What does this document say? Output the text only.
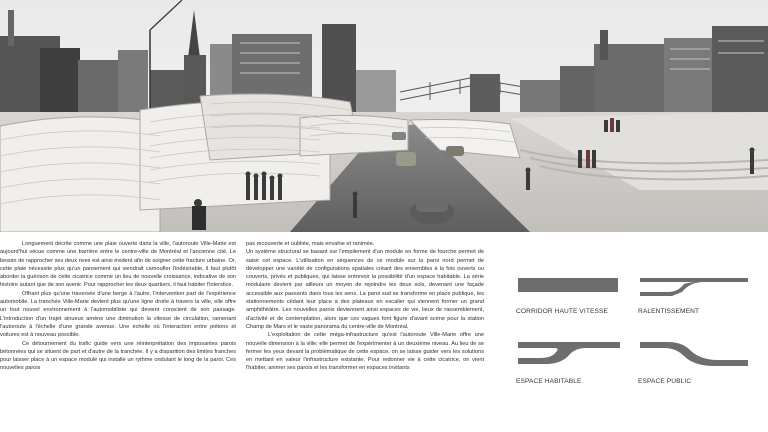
Longuement décrite comme une plaie ouverte dans la ville, l'autoroute Ville-Marie est aujourd'hui vécue comme une barrière entre le centre-ville de Montréal et l'ancienne cité. Le besoin de rapprocher ses deux rives est ainsi évident afin de soigner cette fracture urbaine. Or, cette plaie nécessite plus qu'un pansement qui viendrait camoufler l'indésirable, il faut plutôt aborder la guérison de cette cicatrice comme un lieu de nouvelle croissance, indicative de son histoire autant que de son avenir. Pour rapprocher les deux quartiers, il faut habiter l'interstice.

Offrant plus qu'une traversée d'une berge à l'autre, l'intervention part de l'expérience automobile. La tranchée Ville-Marie devient plus qu'une ligne droite à travers la ville, elle offre un tout nouvel environnement à l'automobiliste qui devient conscient de son passage. L'introduction d'un trajet sinueux amène une diminution la vitesse de circulation, ramenant l'autoroute à l'échelle d'une grande avenue. Une échelle où l'interaction entre piétons et voitures est à nouveau possible.

Ce détournement du trafic guide vers une réinterprétation des imposantes parois bétonnées qui se situent de part et d'autre de la tranchée. Il y a disparition des limites franches pour laisser place à un espace modulé qui installe un rythme ondulant le long de la paroi. Ces nouvelles parois

pas recouverte et oubliée, mais envahie et ranimée.

Un système structural se basant sur l'empilement d'un module en forme de fourche permet de saisir cet espace. L'utilisation en séquences de ce module sur la paroi nord permet de développer une variété de configurations spatiales créant des ensembles à la fois ouverts ou couverts, privés et publiques, qui laisse entrevoir la possibilité d'un espace habitable. La série modulaire devient par ailleurs un moyen de rejoindre les deux sols, devenant une façade accessible aux passants dans tous les sens. La paroi sud se transforme en place publique, les stationnements cédant leur place à des plateaux en escalier qui viennent former un grand amphithéâtre. Les nouvelles parois deviennent ainsi espaces de vie, lieux de rassemblement, d'activité et de contemplation, alors que ces vagues font figure d'avant scène pour la station Champ de Mars et le vaste panorama du centre-ville de Montréal.

L'exploitation de cette méga-infrastructure qu'est l'autoroute Ville-Marie offre une nouvelle dimension à la ville; elle permet de l'expérimenter à un deuxième niveau. Au lieu de se fermer les yeux devant la problématique de cette espace, on se laisse guider vers les solutions en mettant en valeur l'infrastructure existante. Pour redonner vie à cette cicatrice, on vient l'habiter, animer ses parois et les transformer en espaces invitants

CORRIDOR HAUTE VITESSE	RALENTISSEMENT
ESPACE HABITABLE	ESPACE PUBLIC
